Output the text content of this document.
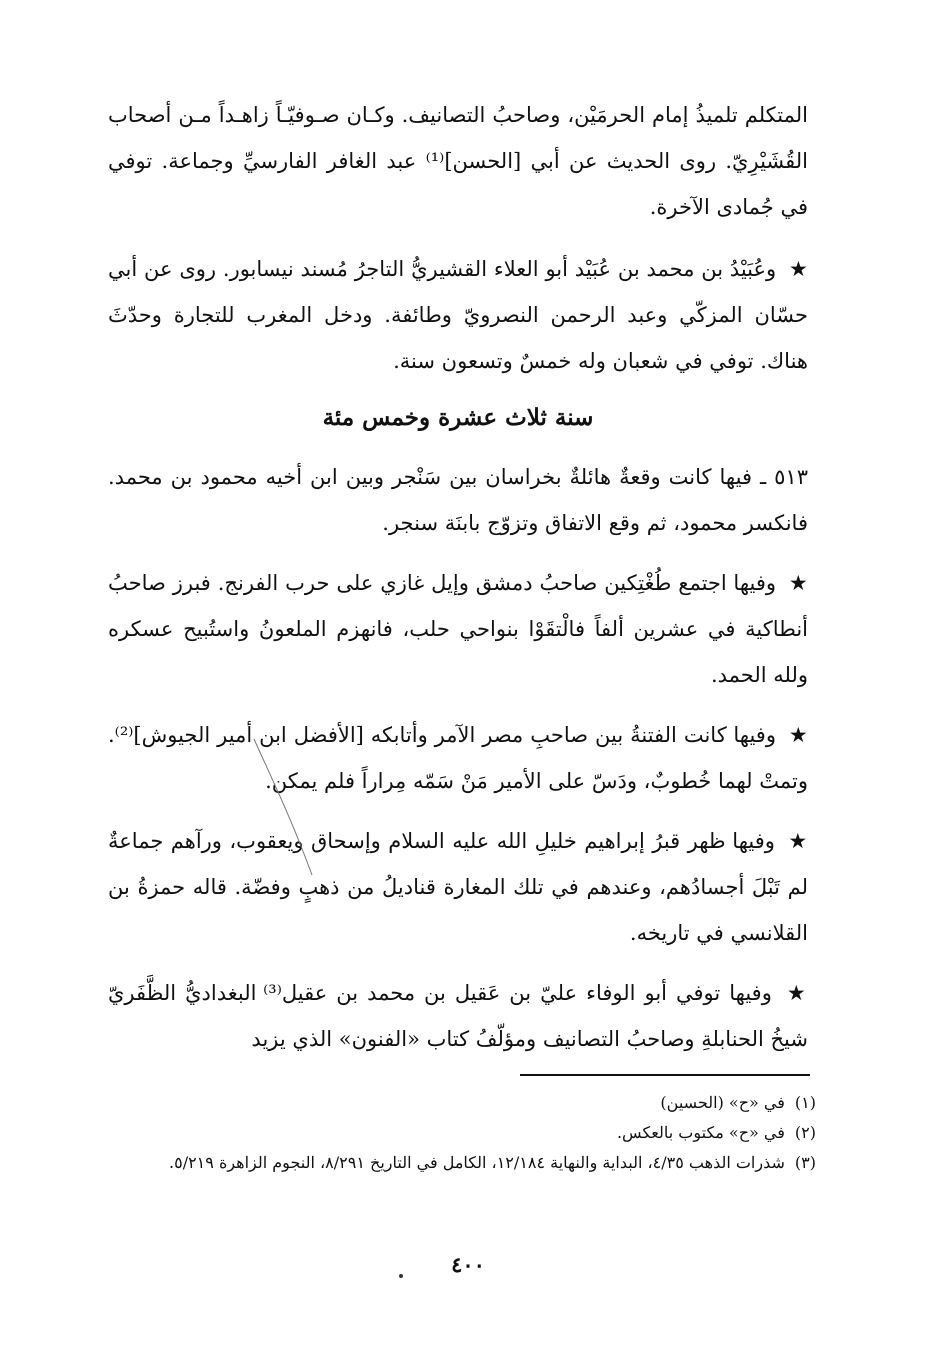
المتكلم تلميذُ إمام الحرمَيْن، وصاحبُ التصانيف. وكـان صـوفيّـاً زاهـداً مـن أصحاب القُشَيْرِيّ. روى الحديث عن أبي [الحسن]⁽¹⁾ عبد الغافر الفارسيِّ وجماعة. توفي في جُمادى الآخرة.

★ وعُبَيْدُ بن محمد بن عُبَيْد أبو العلاء القشيريُّ التاجرُ مُسند نيسابور. روى عن أبي حسّان المزكّي وعبد الرحمن النصرويّ وطائفة. ودخل المغرب للتجارة وحدّثَ هناك. توفي في شعبان وله خمسٌ وتسعون سنة.

سنة ثلاث عشرة وخمس مئة

٥١٣ ـ فيها كانت وقعةٌ هائلةٌ بخراسان بين سَنْجر وبين ابن أخيه محمود بن محمد. فانكسر محمود، ثم وقع الاتفاق وتزوّج بابنَة سنجر.

★ وفيها اجتمع طُغْتِكين صاحبُ دمشق وإيل غازي على حرب الفرنج. فبرز صاحبُ أنطاكية في عشرين ألفاً فالْتقَوْا بنواحي حلب، فانهزم الملعونُ واستُبيح عسكره ولله الحمد.

★ وفيها كانت الفتنةُ بين صاحبِ مصر الآمر وأتابكه [الأفضل ابن أمير الجيوش]⁽²⁾. وتمتْ لهما خُطوبٌ، ودَسّ على الأمير مَنْ سَمّه مِراراً فلم يمكن.

★ وفيها ظهر قبرُ إبراهيم خليلِ الله عليه السلام وإسحاق ويعقوب، ورآهم جماعةٌ لم تَبْلَ أجسادُهم، وعندهم في تلك المغارة قناديلُ من ذهبٍ وفضّة. قاله حمزةُ بن القلانسي في تاريخه.

★ وفيها توفي أبو الوفاء عليّ بن عَقيل بن محمد بن عقيل⁽³⁾ البغداديُّ الظَّفَريّ شيخُ الحنابلةِ وصاحبُ التصانيف ومؤلّفُ كتاب «الفنون» الذي يزيد

(١)
في «ح» (الحسين)

(٢)
في «ح» مكتوب بالعكس.

(٣)
شذرات الذهب ٤/٣٥، البداية والنهاية ١٢/١٨٤، الكامل في التاريخ ٨/٢٩١، النجوم الزاهرة ٥/٢١٩.

٤٠٠
